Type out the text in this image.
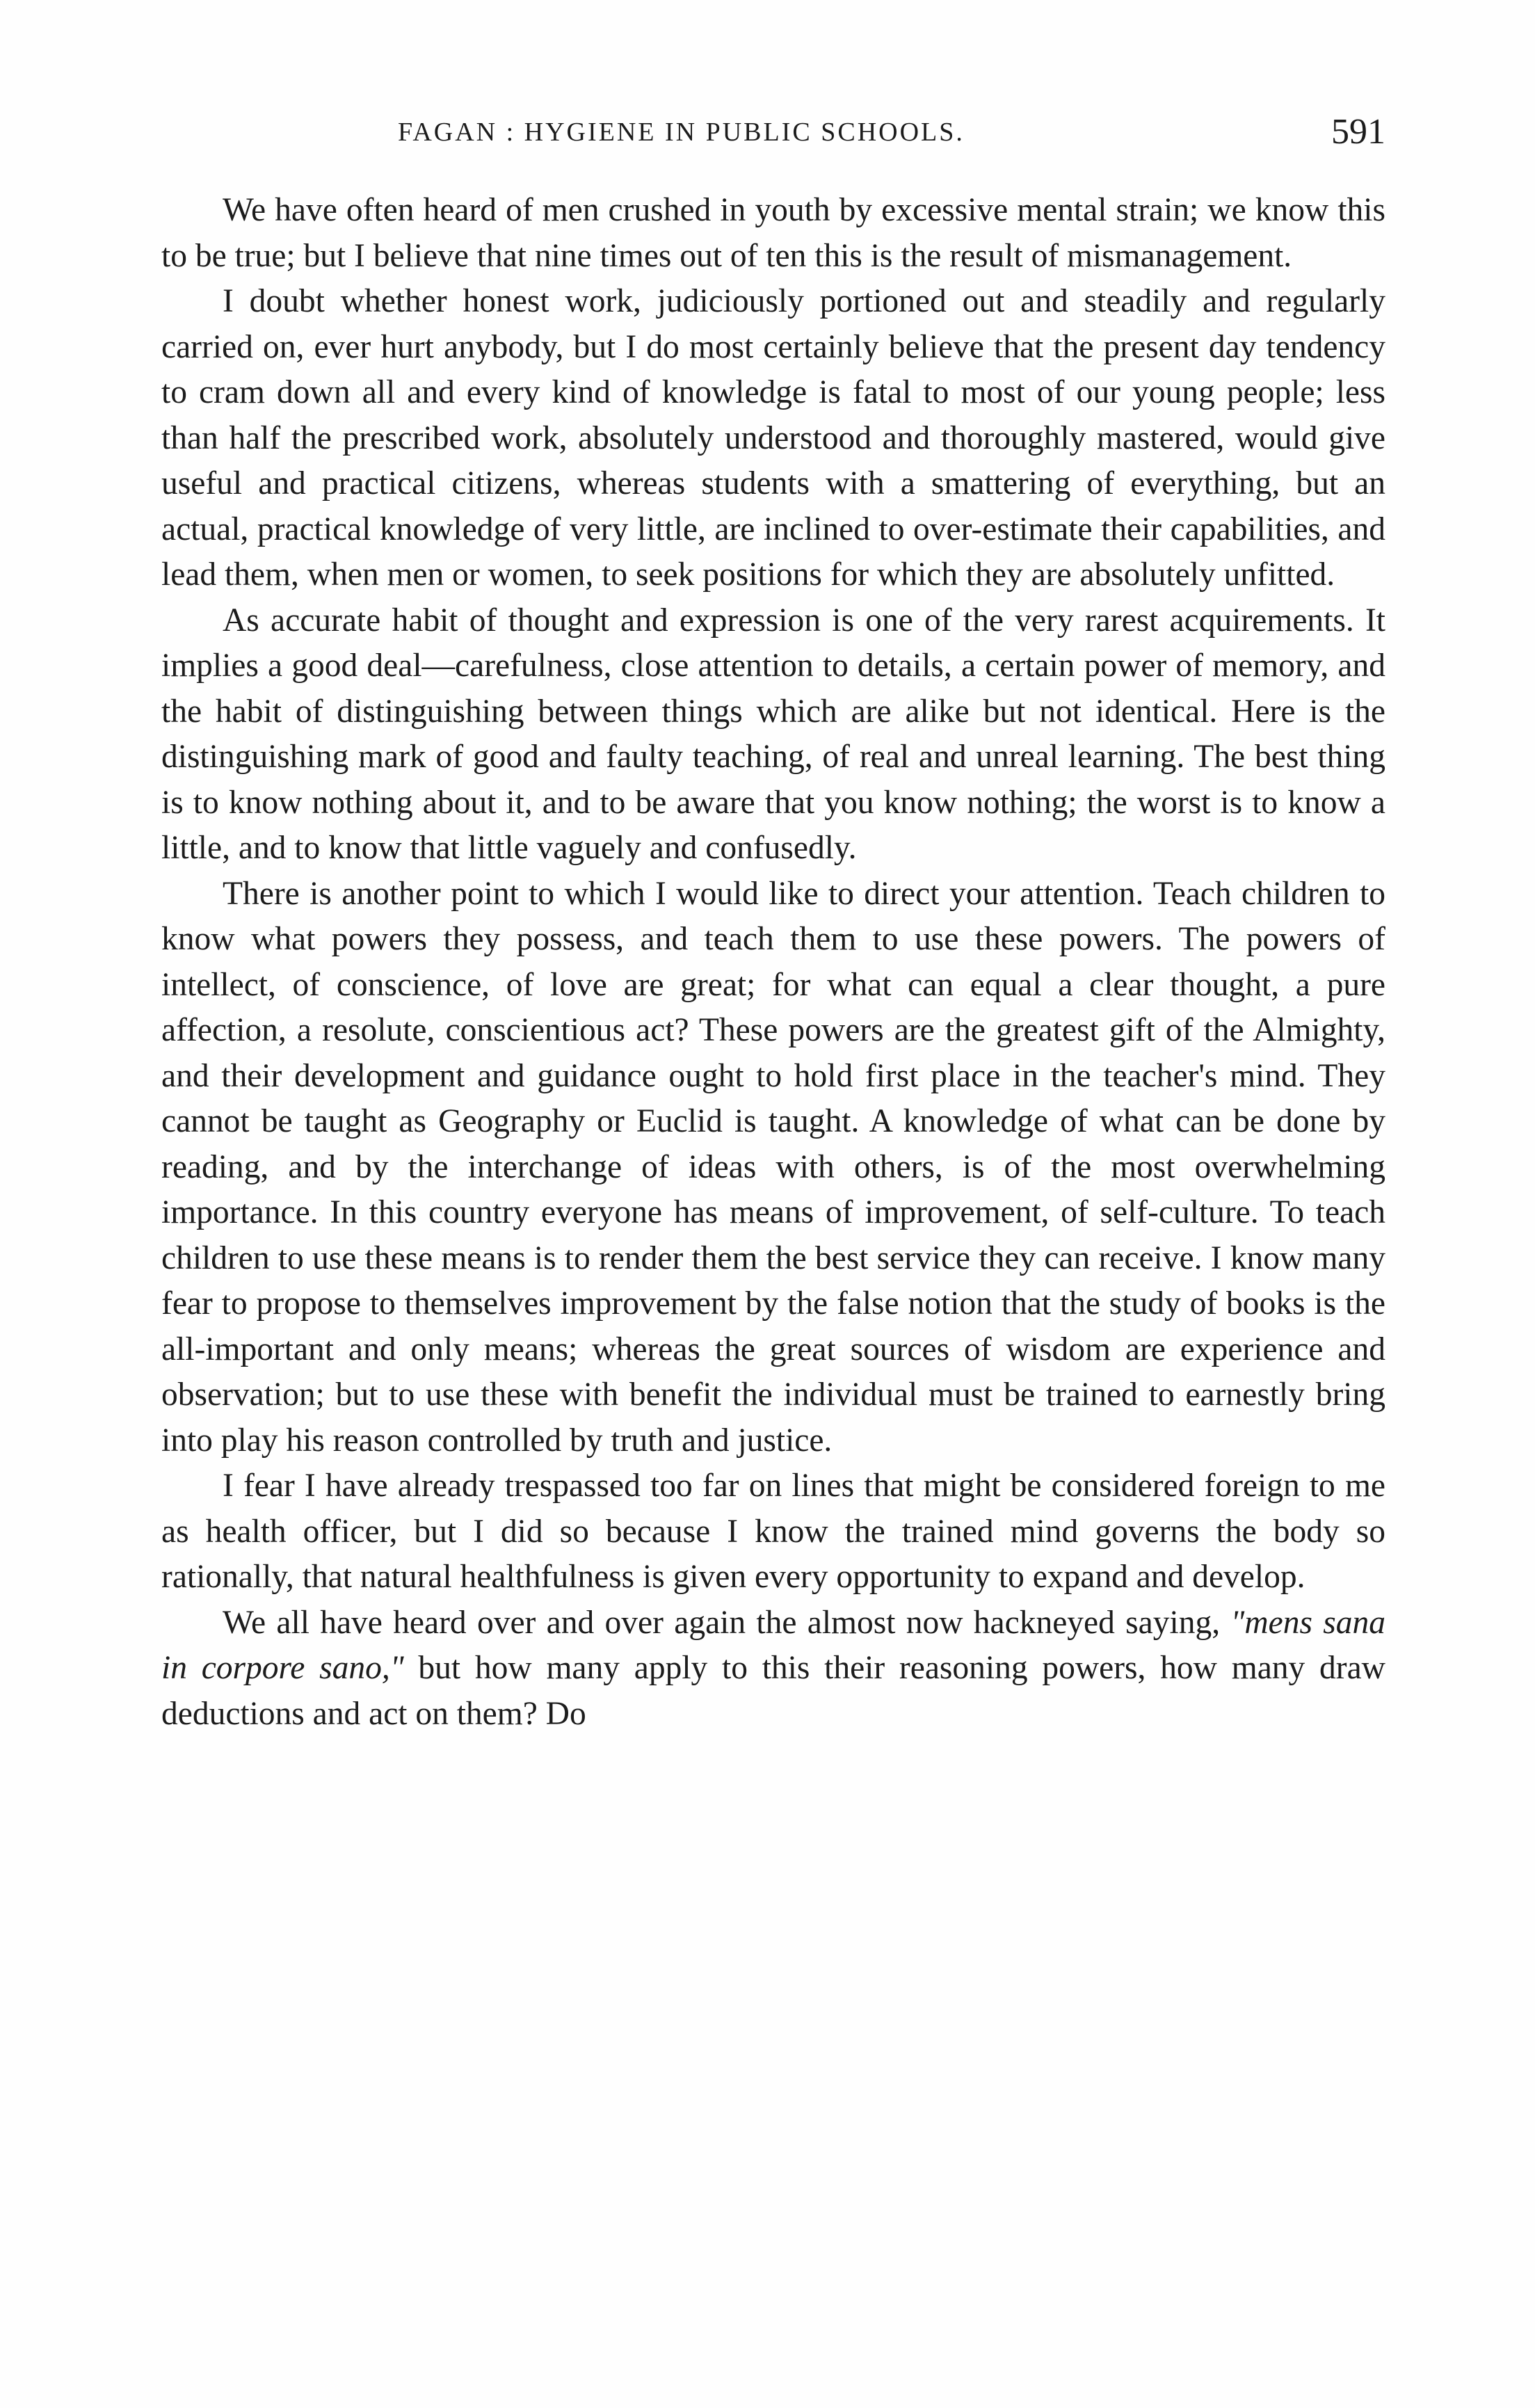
FAGAN : HYGIENE IN PUBLIC SCHOOLS.	591

We have often heard of men crushed in youth by excessive mental strain; we know this to be true; but I believe that nine times out of ten this is the result of mismanagement.

I doubt whether honest work, judiciously portioned out and steadily and regularly carried on, ever hurt anybody, but I do most certainly believe that the present day tendency to cram down all and every kind of knowledge is fatal to most of our young people; less than half the prescribed work, absolutely understood and thoroughly mastered, would give useful and practical citizens, whereas students with a smattering of everything, but an actual, practical knowledge of very little, are inclined to over-estimate their capabilities, and lead them, when men or women, to seek positions for which they are absolutely unfitted.

As accurate habit of thought and expression is one of the very rarest acquirements. It implies a good deal—carefulness, close attention to details, a certain power of memory, and the habit of distinguishing between things which are alike but not identical. Here is the distinguishing mark of good and faulty teaching, of real and unreal learning. The best thing is to know nothing about it, and to be aware that you know nothing; the worst is to know a little, and to know that little vaguely and confusedly.

There is another point to which I would like to direct your attention. Teach children to know what powers they possess, and teach them to use these powers. The powers of intellect, of conscience, of love are great; for what can equal a clear thought, a pure affection, a resolute, conscientious act? These powers are the greatest gift of the Almighty, and their development and guidance ought to hold first place in the teacher's mind. They cannot be taught as Geography or Euclid is taught. A knowledge of what can be done by reading, and by the interchange of ideas with others, is of the most overwhelming importance. In this country everyone has means of improvement, of self-culture. To teach children to use these means is to render them the best service they can receive. I know many fear to propose to themselves improvement by the false notion that the study of books is the all-important and only means; whereas the great sources of wisdom are experience and observation; but to use these with benefit the individual must be trained to earnestly bring into play his reason controlled by truth and justice.

I fear I have already trespassed too far on lines that might be considered foreign to me as health officer, but I did so because I know the trained mind governs the body so rationally, that natural healthfulness is given every opportunity to expand and develop.

We all have heard over and over again the almost now hackneyed saying, "mens sana in corpore sano," but how many apply to this their reasoning powers, how many draw deductions and act on them? Do
